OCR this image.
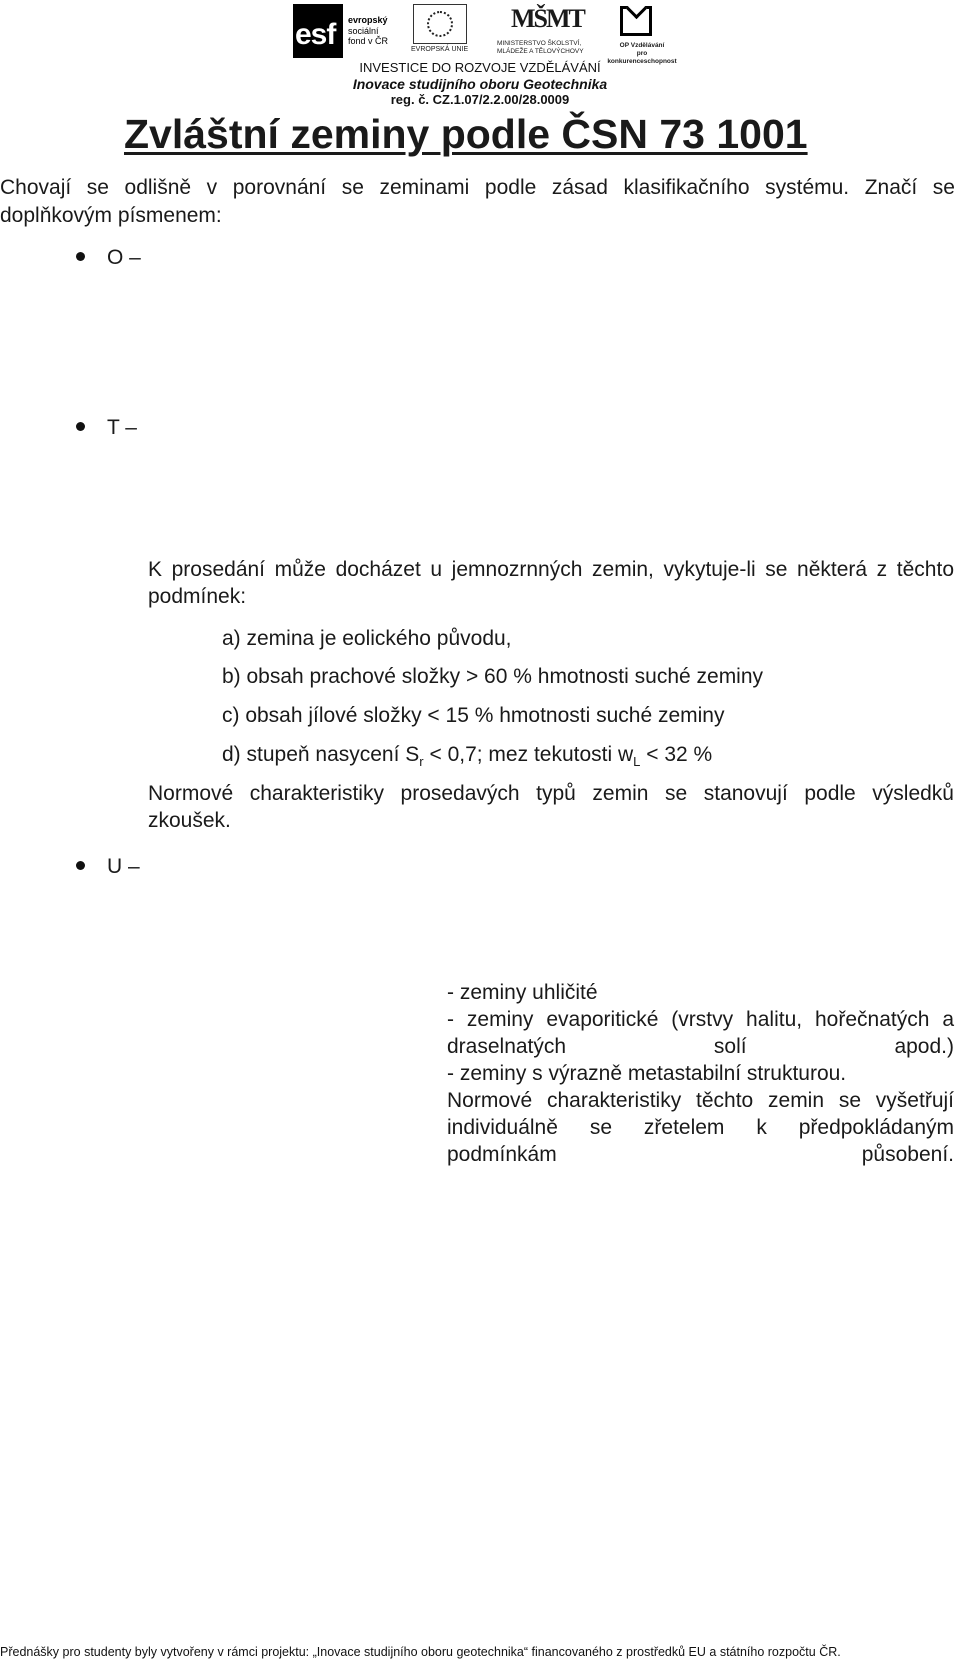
esf evropský
sociální
fond v ČR
EVROPSKÁ UNIE
MŠMT
MINISTERSTVO ŠKOLSTVÍ,
MLÁDEŽE A TĚLOVÝCHOVY
OP Vzdělávání
pro konkurenceschopnost
INVESTICE DO ROZVOJE VZDĚLÁVÁNÍ
Inovace studijního oboru Geotechnika
reg. č. CZ.1.07/2.2.00/28.0009
Zvláštní zeminy podle ČSN 73 1001

Chovají se odlišně v porovnání se zeminami podle zásad klasifikačního systému. Značí se doplňkovým písmenem:

O –
T –
U –

K prosedání může docházet u jemnozrnných zemin, vykytuje-li se některá z těchto podmínek:

a) zemina je eolického původu,
b) obsah prachové složky > 60 % hmotnosti suché zeminy
c) obsah jílové složky < 15 % hmotnosti suché zeminy
d) stupeň nasycení $S_r < 0,7$; mez tekutosti $w_L < 32$ %

Normové charakteristiky prosedavých typů zemin se stanovují podle výsledků zkoušek.

- zeminy uhličité
- zeminy evaporitické (vrstvy halitu, hořečnatých a draselnatých solí apod.)
- zeminy s výrazně metastabilní strukturou.
Normové charakteristiky těchto zemin se vyšetřují individuálně se zřetelem k předpokládaným podmínkám působení.
Přednášky pro studenty byly vytvořeny v rámci projektu: „Inovace studijního oboru geotechnika“ financovaného z prostředků EU a státního rozpočtu ČR.
